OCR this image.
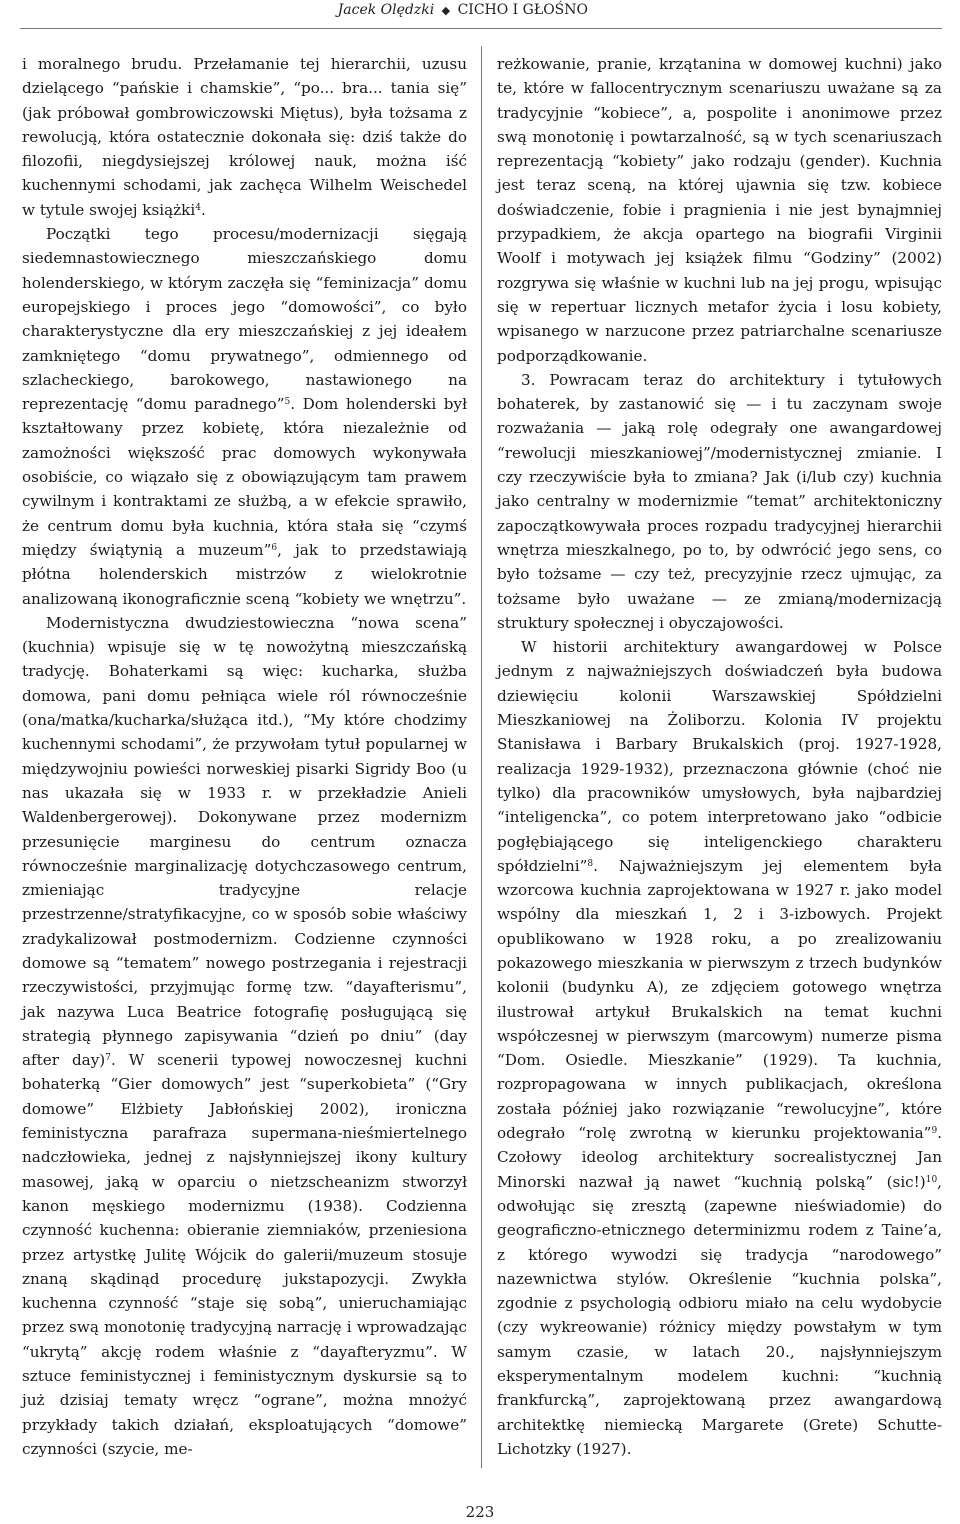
Jacek Olędzki ◆ CICHO I GŁOŚNO

i moralnego brudu. Przełamanie tej hierarchii, uzusu dzielącego “pańskie i chamskie”, “po... bra... tania się” (jak próbował gombrowiczowski Miętus), była tożsama z rewolucją, która ostatecznie dokonała się: dziś także do filozofii, niegdysiejszej królowej nauk, można iść kuchennymi schodami, jak zachęca Wilhelm Weischedel w tytule swojej książki$^4$.

Początki tego procesu/modernizacji sięgają siedemnastowiecznego mieszczańskiego domu holenderskiego, w którym zaczęła się “feminizacja” domu europejskiego i proces jego “domowości”, co było charakterystyczne dla ery mieszczańskiej z jej ideałem zamkniętego “domu prywatnego”, odmiennego od szlacheckiego, barokowego, nastawionego na reprezentację “domu paradnego”$^5$. Dom holenderski był kształtowany przez kobietę, która niezależnie od zamożności większość prac domowych wykonywała osobiście, co wiązało się z obowiązującym tam prawem cywilnym i kontraktami ze służbą, a w efekcie sprawiło, że centrum domu była kuchnia, która stała się “czymś między świątynią a muzeum”$^6$, jak to przedstawiają płótna holenderskich mistrzów z wielokrotnie analizowaną ikonograficznie sceną “kobiety we wnętrzu”.

Modernistyczna dwudziestowieczna “nowa scena” (kuchnia) wpisuje się w tę nowożytną mieszczańską tradycję. Bohaterkami są więc: kucharka, służba domowa, pani domu pełniąca wiele ról równocześnie (ona/matka/kucharka/służąca itd.), “My które chodzimy kuchennymi schodami”, że przywołam tytuł popularnej w międzywojniu powieści norweskiej pisarki Sigridy Boo (u nas ukazała się w 1933 r. w przekładzie Anieli Waldenbergerowej). Dokonywane przez modernizm przesunięcie marginesu do centrum oznacza równocześnie marginalizację dotychczasowego centrum, zmieniając tradycyjne relacje przestrzenne/stratyfikacyjne, co w sposób sobie właściwy zradykalizował postmodernizm. Codzienne czynności domowe są “tematem” nowego postrzegania i rejestracji rzeczywistości, przyjmując formę tzw. “dayafterismu”, jak nazywa Luca Beatrice fotografię posługującą się strategią płynnego zapisywania “dzień po dniu” (day after day)$^7$. W scenerii typowej nowoczesnej kuchni bohaterką “Gier domowych” jest “superkobieta” (“Gry domowe” Elżbiety Jabłońskiej 2002), ironiczna feministyczna parafraza supermana-nieśmiertelnego nadczłowieka, jednej z najsłynniejszej ikony kultury masowej, jaką w oparciu o nietzscheanizm stworzył kanon męskiego modernizmu (1938). Codzienna czynność kuchenna: obieranie ziemniaków, przeniesiona przez artystkę Julitę Wójcik do galerii/muzeum stosuje znaną skądinąd procedurę jukstapozycji. Zwykła kuchenna czynność “staje się sobą”, unieruchamiając przez swą monotonię tradycyjną narrację i wprowadzając “ukrytą” akcję rodem właśnie z “dayafteryzmu”. W sztuce feministycznej i feministycznym dyskursie są to już dzisiaj tematy wręcz “ograne”, można mnożyć przykłady takich działań, eksploatujących “domowe” czynności (szycie, me-

reżkowanie, pranie, krzątanina w domowej kuchni) jako te, które w fallocentrycznym scenariuszu uważane są za tradycyjnie “kobiece”, a, pospolite i anonimowe przez swą monotonię i powtarzalność, są w tych scenariuszach reprezentacją “kobiety” jako rodzaju (gender). Kuchnia jest teraz sceną, na której ujawnia się tzw. kobiece doświadczenie, fobie i pragnienia i nie jest bynajmniej przypadkiem, że akcja opartego na biografii Virginii Woolf i motywach jej książek filmu “Godziny” (2002) rozgrywa się właśnie w kuchni lub na jej progu, wpisując się w repertuar licznych metafor życia i losu kobiety, wpisanego w narzucone przez patriarchalne scenariusze podporządkowanie.

3. Powracam teraz do architektury i tytułowych bohaterek, by zastanowić się — i tu zaczynam swoje rozważania — jaką rolę odegrały one awangardowej “rewolucji mieszkaniowej”/modernistycznej zmianie. I czy rzeczywiście była to zmiana? Jak (i/lub czy) kuchnia jako centralny w modernizmie “temat” architektoniczny zapoczątkowywała proces rozpadu tradycyjnej hierarchii wnętrza mieszkalnego, po to, by odwrócić jego sens, co było tożsame — czy też, precyzyjnie rzecz ujmując, za tożsame było uważane — ze zmianą/modernizacją struktury społecznej i obyczajowości.

W historii architektury awangardowej w Polsce jednym z najważniejszych doświadczeń była budowa dziewięciu kolonii Warszawskiej Spółdzielni Mieszkaniowej na Żoliborzu. Kolonia IV projektu Stanisława i Barbary Brukalskich (proj. 1927-1928, realizacja 1929-1932), przeznaczona głównie (choć nie tylko) dla pracowników umysłowych, była najbardziej “inteligencka”, co potem interpretowano jako “odbicie pogłębiającego się inteligenckiego charakteru spółdzielni”$^8$. Najważniejszym jej elementem była wzorcowa kuchnia zaprojektowana w 1927 r. jako model wspólny dla mieszkań 1, 2 i 3-izbowych. Projekt opublikowano w 1928 roku, a po zrealizowaniu pokazowego mieszkania w pierwszym z trzech budynków kolonii (budynku A), ze zdjęciem gotowego wnętrza ilustrował artykuł Brukalskich na temat kuchni współczesnej w pierwszym (marcowym) numerze pisma “Dom. Osiedle. Mieszkanie” (1929). Ta kuchnia, rozpropagowana w innych publikacjach, określona została później jako rozwiązanie “rewolucyjne”, które odegrało “rolę zwrotną w kierunku projektowania”$^9$. Czołowy ideolog architektury socrealistycznej Jan Minorski nazwał ją nawet “kuchnią polską” $(sic!)^{10}$, odwołując się zresztą (zapewne nieświadomie) do geograficzno-etnicznego determinizmu rodem z Taine’a, z którego wywodzi się tradycja “narodowego” nazewnictwa stylów. Określenie “kuchnia polska”, zgodnie z psychologią odbioru miało na celu wydobycie (czy wykreowanie) różnicy między powstałym w tym samym czasie, w latach 20., najsłynniejszym eksperymentalnym modelem kuchni: “kuchnią frankfurcką”, zaprojektowaną przez awangardową architektkę niemiecką Margarete (Grete) Schutte-Lichotzky (1927).

223
